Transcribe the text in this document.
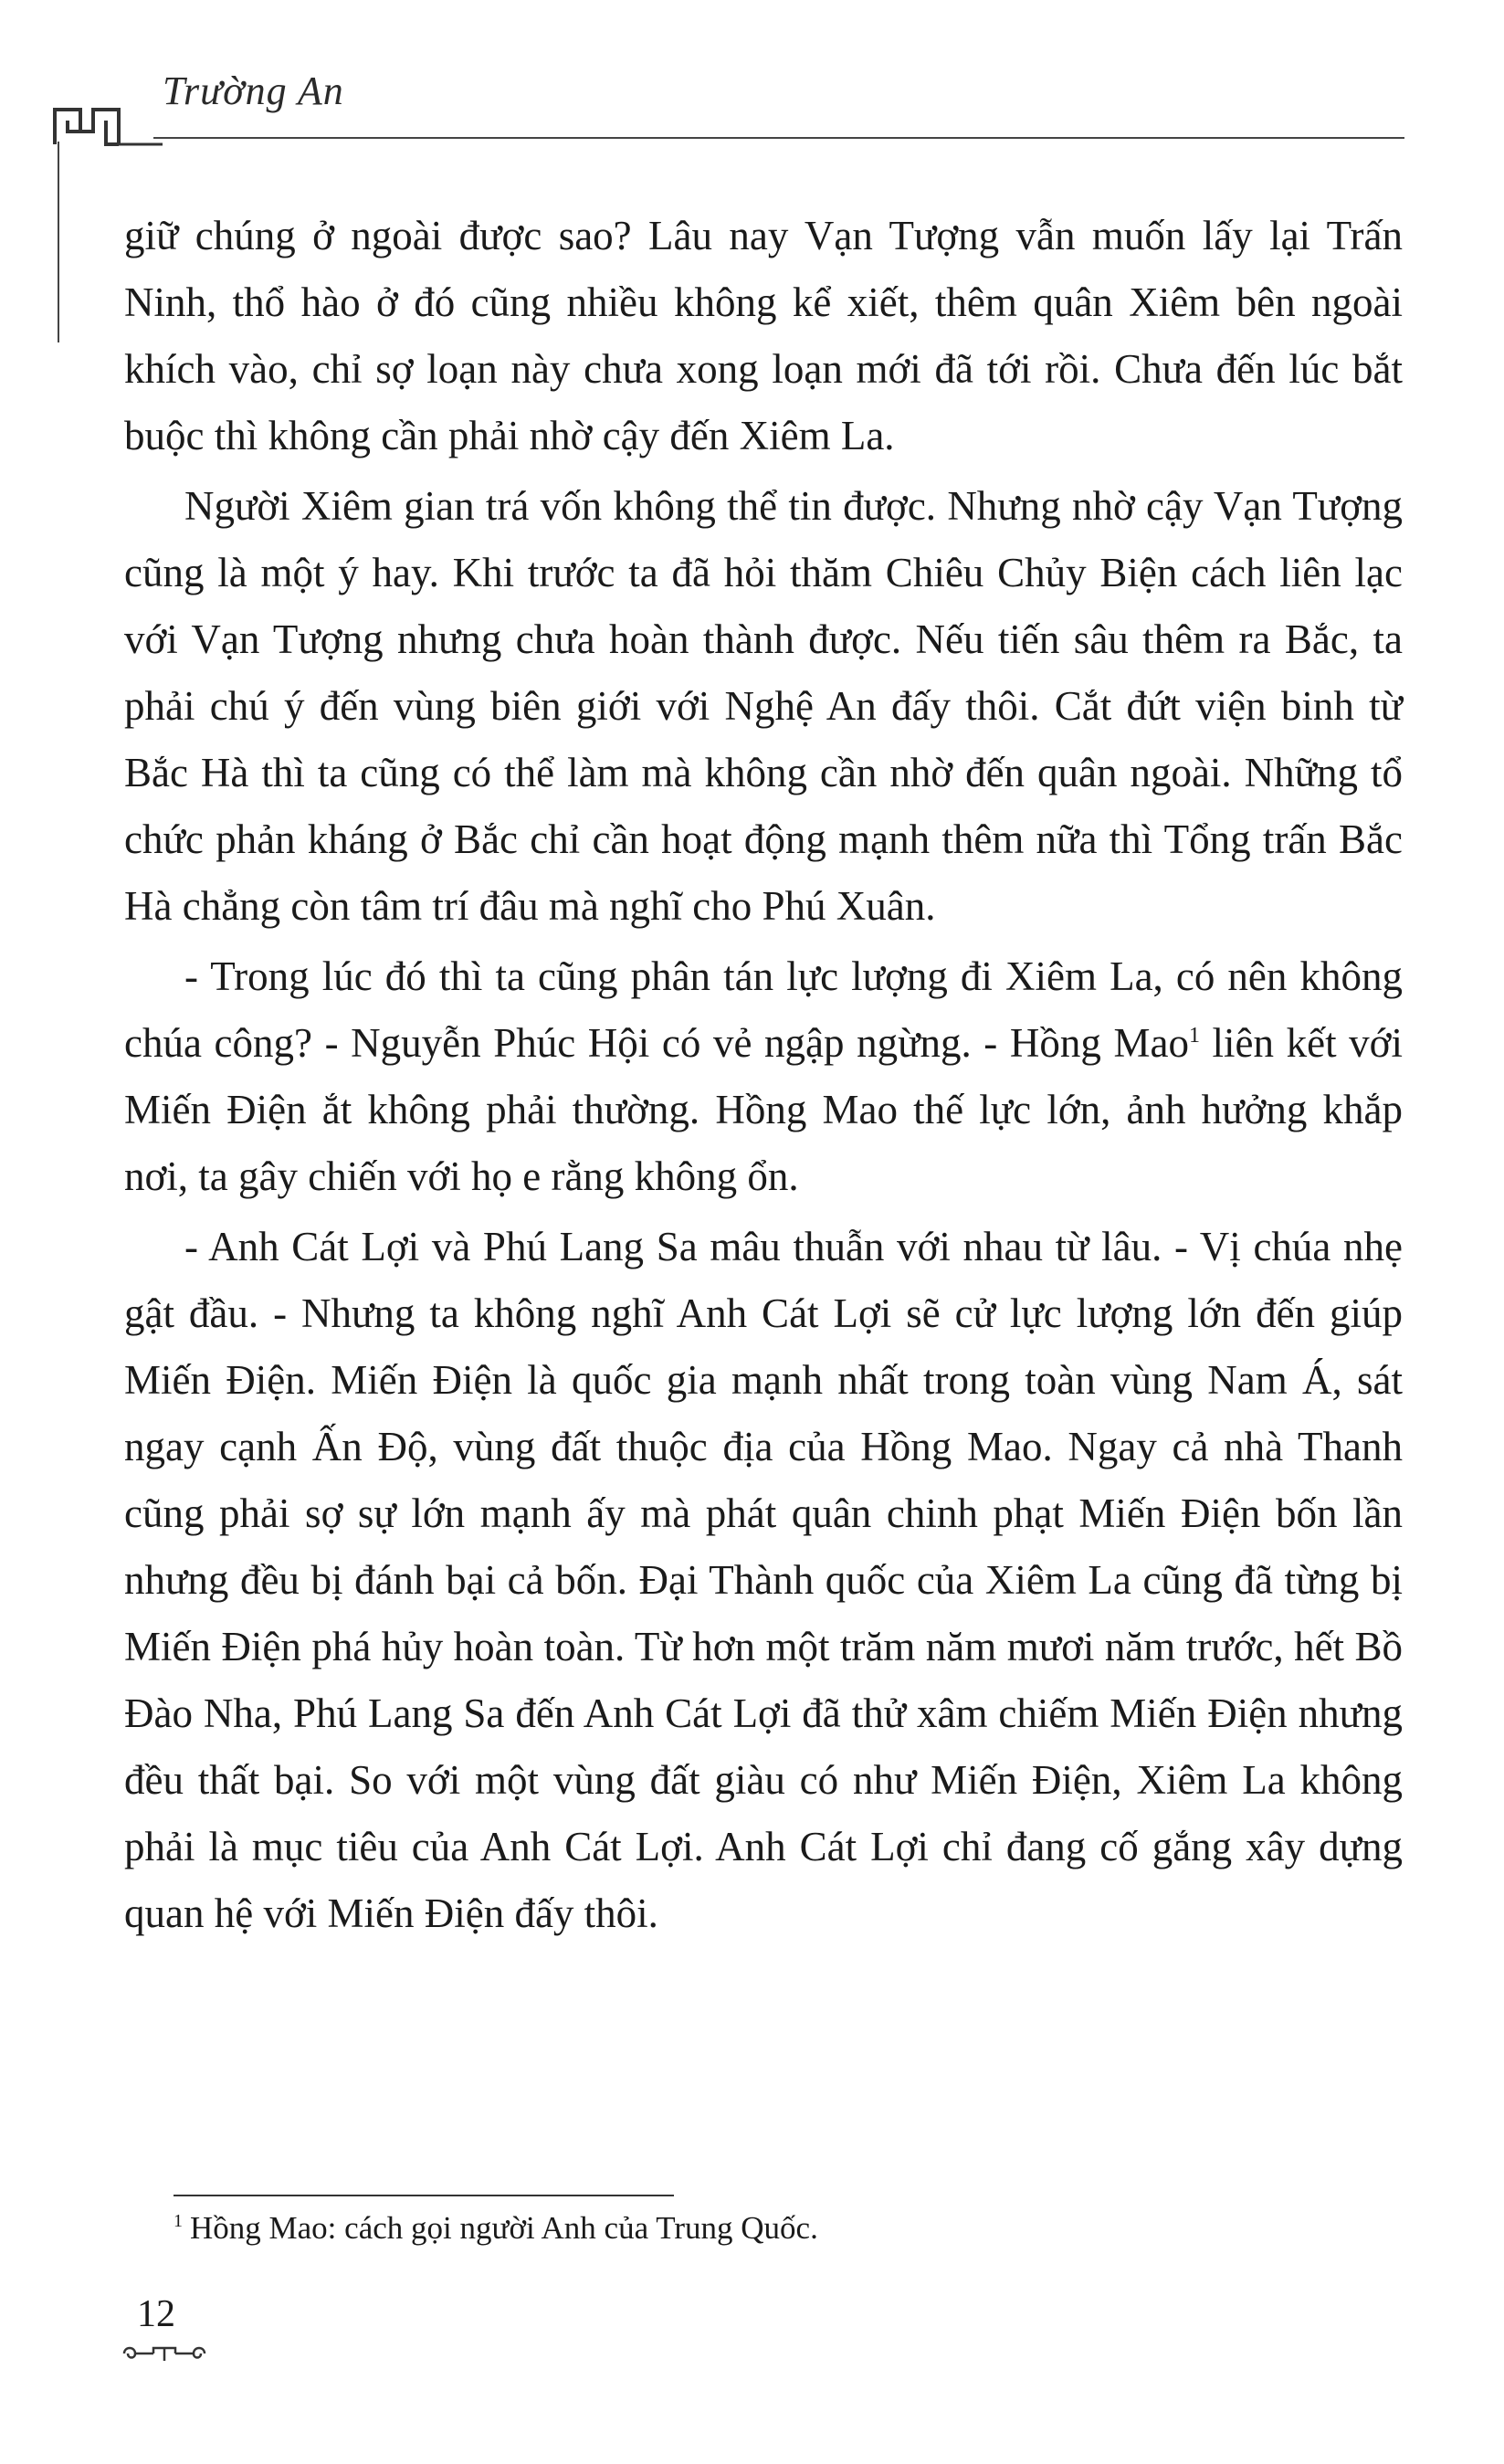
Trường An

giữ chúng ở ngoài được sao? Lâu nay Vạn Tượng vẫn muốn lấy lại Trấn Ninh, thổ hào ở đó cũng nhiều không kể xiết, thêm quân Xiêm bên ngoài khích vào, chỉ sợ loạn này chưa xong loạn mới đã tới rồi. Chưa đến lúc bắt buộc thì không cần phải nhờ cậy đến Xiêm La.

Người Xiêm gian trá vốn không thể tin được. Nhưng nhờ cậy Vạn Tượng cũng là một ý hay. Khi trước ta đã hỏi thăm Chiêu Chủy Biện cách liên lạc với Vạn Tượng nhưng chưa hoàn thành được. Nếu tiến sâu thêm ra Bắc, ta phải chú ý đến vùng biên giới với Nghệ An đấy thôi. Cắt đứt viện binh từ Bắc Hà thì ta cũng có thể làm mà không cần nhờ đến quân ngoài. Những tổ chức phản kháng ở Bắc chỉ cần hoạt động mạnh thêm nữa thì Tổng trấn Bắc Hà chẳng còn tâm trí đâu mà nghĩ cho Phú Xuân.

- Trong lúc đó thì ta cũng phân tán lực lượng đi Xiêm La, có nên không chúa công? - Nguyễn Phúc Hội có vẻ ngập ngừng. - Hồng Mao$^1$ liên kết với Miến Điện ắt không phải thường. Hồng Mao thế lực lớn, ảnh hưởng khắp nơi, ta gây chiến với họ e rằng không ổn.

- Anh Cát Lợi và Phú Lang Sa mâu thuẫn với nhau từ lâu. - Vị chúa nhẹ gật đầu. - Nhưng ta không nghĩ Anh Cát Lợi sẽ cử lực lượng lớn đến giúp Miến Điện. Miến Điện là quốc gia mạnh nhất trong toàn vùng Nam Á, sát ngay cạnh Ấn Độ, vùng đất thuộc địa của Hồng Mao. Ngay cả nhà Thanh cũng phải sợ sự lớn mạnh ấy mà phát quân chinh phạt Miến Điện bốn lần nhưng đều bị đánh bại cả bốn. Đại Thành quốc của Xiêm La cũng đã từng bị Miến Điện phá hủy hoàn toàn. Từ hơn một trăm năm mươi năm trước, hết Bồ Đào Nha, Phú Lang Sa đến Anh Cát Lợi đã thử xâm chiếm Miến Điện nhưng đều thất bại. So với một vùng đất giàu có như Miến Điện, Xiêm La không phải là mục tiêu của Anh Cát Lợi. Anh Cát Lợi chỉ đang cố gắng xây dựng quan hệ với Miến Điện đấy thôi.

$^1$ Hồng Mao: cách gọi người Anh của Trung Quốc.
12
